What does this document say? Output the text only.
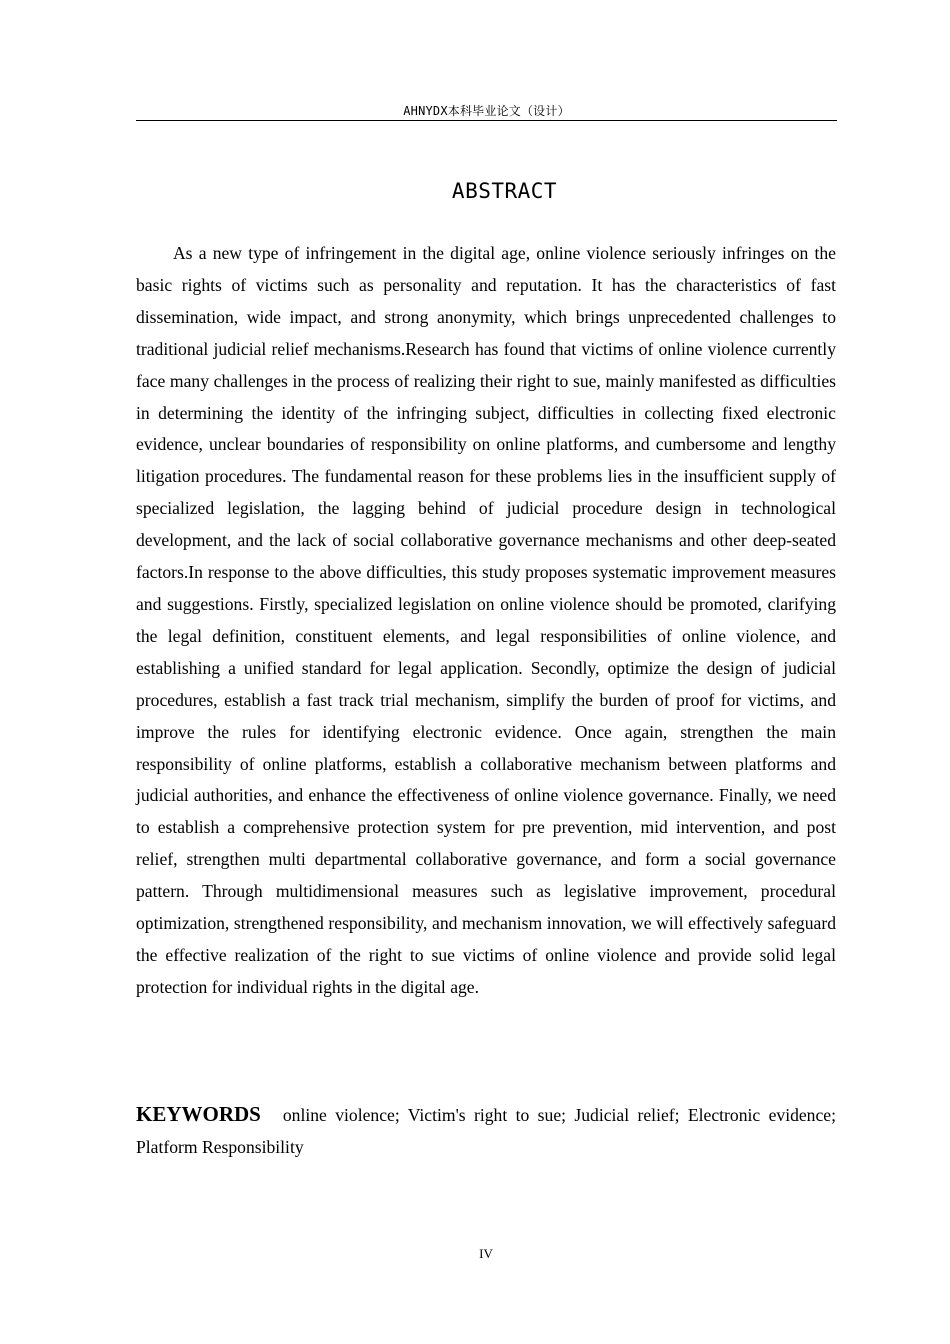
AHNYDX本科毕业论文（设计）
ABSTRACT

As a new type of infringement in the digital age, online violence seriously infringes on the basic rights of victims such as personality and reputation. It has the characteristics of fast dissemination, wide impact, and strong anonymity, which brings unprecedented challenges to traditional judicial relief mechanisms.Research has found that victims of online violence currently face many challenges in the process of realizing their right to sue, mainly manifested as difficulties in determining the identity of the infringing subject, difficulties in collecting fixed electronic evidence, unclear boundaries of responsibility on online platforms, and cumbersome and lengthy litigation procedures. The fundamental reason for these problems lies in the insufficient supply of specialized legislation, the lagging behind of judicial procedure design in technological development, and the lack of social collaborative governance mechanisms and other deep-seated factors.In response to the above difficulties, this study proposes systematic improvement measures and suggestions. Firstly, specialized legislation on online violence should be promoted, clarifying the legal definition, constituent elements, and legal responsibilities of online violence, and establishing a unified standard for legal application. Secondly, optimize the design of judicial procedures, establish a fast track trial mechanism, simplify the burden of proof for victims, and improve the rules for identifying electronic evidence. Once again, strengthen the main responsibility of online platforms, establish a collaborative mechanism between platforms and judicial authorities, and enhance the effectiveness of online violence governance. Finally, we need to establish a comprehensive protection system for pre prevention, mid intervention, and post relief, strengthen multi departmental collaborative governance, and form a social governance pattern. Through multidimensional measures such as legislative improvement, procedural optimization, strengthened responsibility, and mechanism innovation, we will effectively safeguard the effective realization of the right to sue victims of online violence and provide solid legal protection for individual rights in the digital age.

KEYWORDS online violence; Victim's right to sue; Judicial relief; Electronic evidence; Platform Responsibility

IV
